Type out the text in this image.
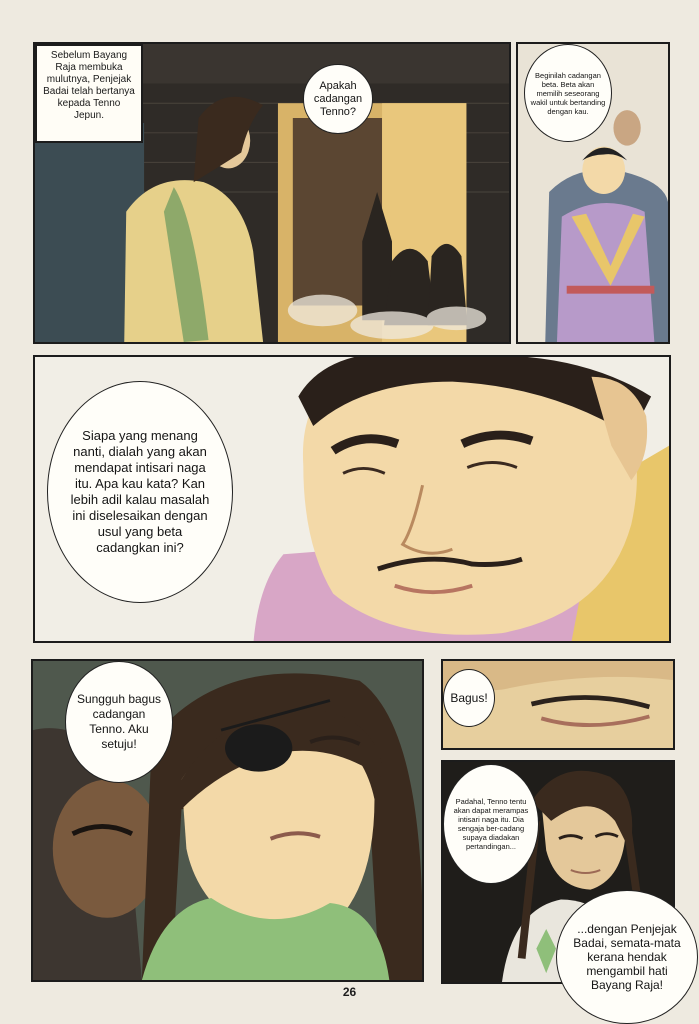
Sebelum Bayang Raja membuka mulutnya, Penjejak Badai telah bertanya kepada Tenno Jepun.
Apakah cadangan Tenno?
Beginilah cadangan beta. Beta akan memilih seseorang wakil untuk bertanding dengan kau.
Siapa yang menang nanti, dialah yang akan mendapat intisari naga itu. Apa kau kata? Kan lebih adil kalau masalah ini diselesaikan dengan usul yang beta cadangkan ini?
Sungguh bagus cadangan Tenno. Aku setuju!
Bagus!
Padahal, Tenno tentu akan dapat merampas intisari naga itu. Dia sengaja ber-cadang supaya diadakan pertandingan...
...dengan Penjejak Badai, semata-mata kerana hendak mengambil hati Bayang Raja!
26
